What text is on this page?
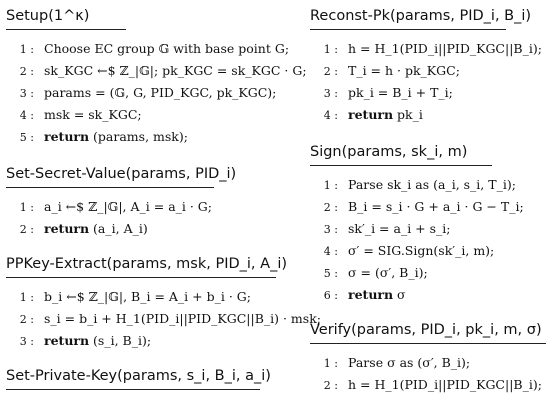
Setup(1^κ)
1 : Choose EC group 𝔾 with base point G;
2 : sk_KGC ←$ ℤ_|𝔾|; pk_KGC = sk_KGC · G;
3 : params = (𝔾, G, PID_KGC, pk_KGC);
4 : msk = sk_KGC;
5 : return (params, msk);
Set-Secret-Value(params, PID_i)
1 : a_i ←$ ℤ_|𝔾|, A_i = a_i · G;
2 : return (a_i, A_i)
PPKey-Extract(params, msk, PID_i, A_i)
1 : b_i ←$ ℤ_|𝔾|, B_i = A_i + b_i · G;
2 : s_i = b_i + H_1(PID_i||PID_KGC||B_i) · msk;
3 : return (s_i, B_i);
Set-Private-Key(params, s_i, B_i, a_i)
Reconst-Pk(params, PID_i, B_i)
1 : h = H_1(PID_i||PID_KGC||B_i);
2 : T_i = h · pk_KGC;
3 : pk_i = B_i + T_i;
4 : return pk_i
Sign(params, sk_i, m)
1 : Parse sk_i as (a_i, s_i, T_i);
2 : B_i = s_i · G + a_i · G − T_i;
3 : sk′_i = a_i + s_i;
4 : σ′ = SIG.Sign(sk′_i, m);
5 : σ = (σ′, B_i);
6 : return σ
Verify(params, PID_i, pk_i, m, σ)
1 : Parse σ as (σ′, B_i);
2 : h = H_1(PID_i||PID_KGC||B_i);
